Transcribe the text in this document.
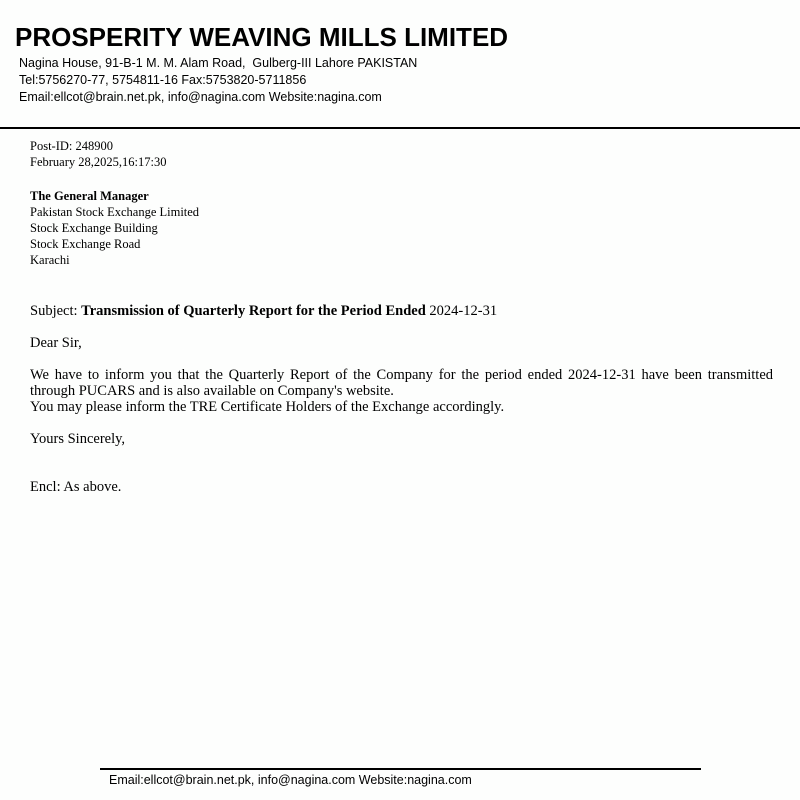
PROSPERITY WEAVING MILLS LIMITED
Nagina House, 91-B-1 M. M. Alam Road,  Gulberg-III Lahore PAKISTAN
Tel:5756270-77, 5754811-16 Fax:5753820-5711856
Email:ellcot@brain.net.pk, info@nagina.com Website:nagina.com
Post-ID: 248900
February 28,2025,16:17:30
The General Manager
Pakistan Stock Exchange Limited
Stock Exchange Building
Stock Exchange Road
Karachi
Subject: Transmission of Quarterly Report for the Period Ended 2024-12-31
Dear Sir,
We have to inform you that the Quarterly Report of the Company for the period ended 2024-12-31 have been transmitted
through PUCARS and is also available on Company's website.
You may please inform the TRE Certificate Holders of the Exchange accordingly.
Yours Sincerely,
Encl: As above.
Email:ellcot@brain.net.pk, info@nagina.com Website:nagina.com
